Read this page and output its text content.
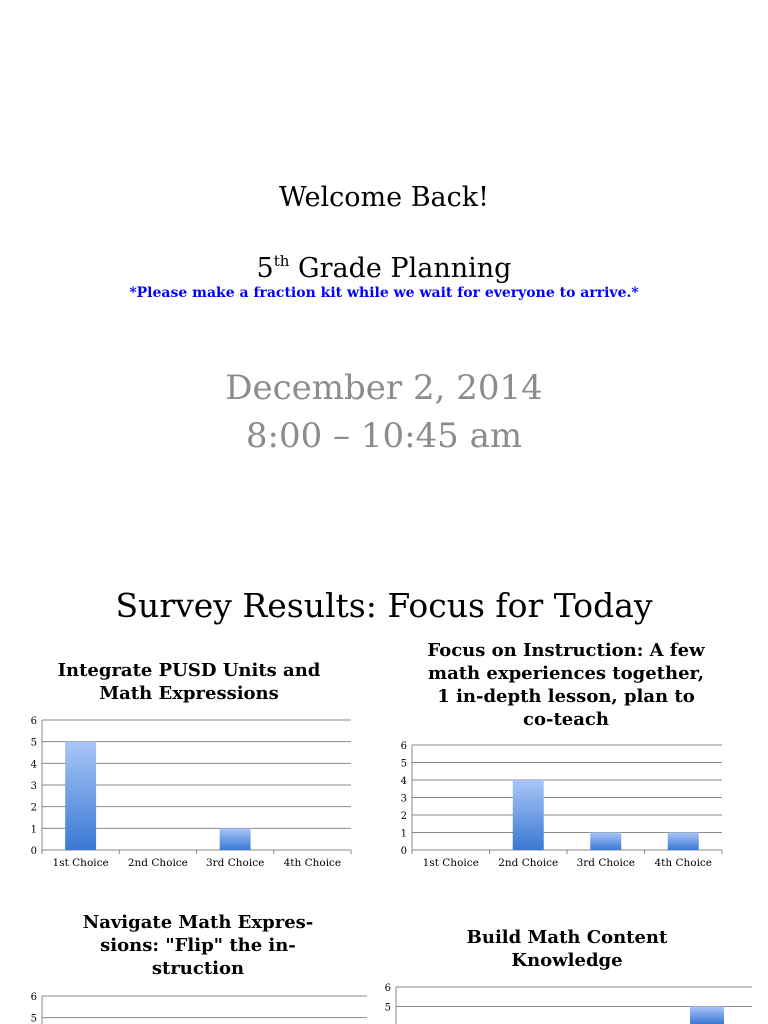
Welcome Back!
5th Grade Planning
*Please make a fraction kit while we wait for everyone to arrive.*
December 2, 2014
8:00 – 10:45 am
Survey Results: Focus for Today
Integrate PUSD Units and Math Expressions
Focus on Instruction: A few math experiences together, 1 in-depth lesson, plan to co-teach
Navigate Math Expres-sions: "Flip" the in-struction
Build Math Content Knowledge
0
1
2
3
4
5
6
1st Choice 2nd Choice 3rd Choice 4th Choice
0
1
2
3
4
5
6
1st Choice 2nd Choice 3rd Choice 4th Choice
6
5
6
5
